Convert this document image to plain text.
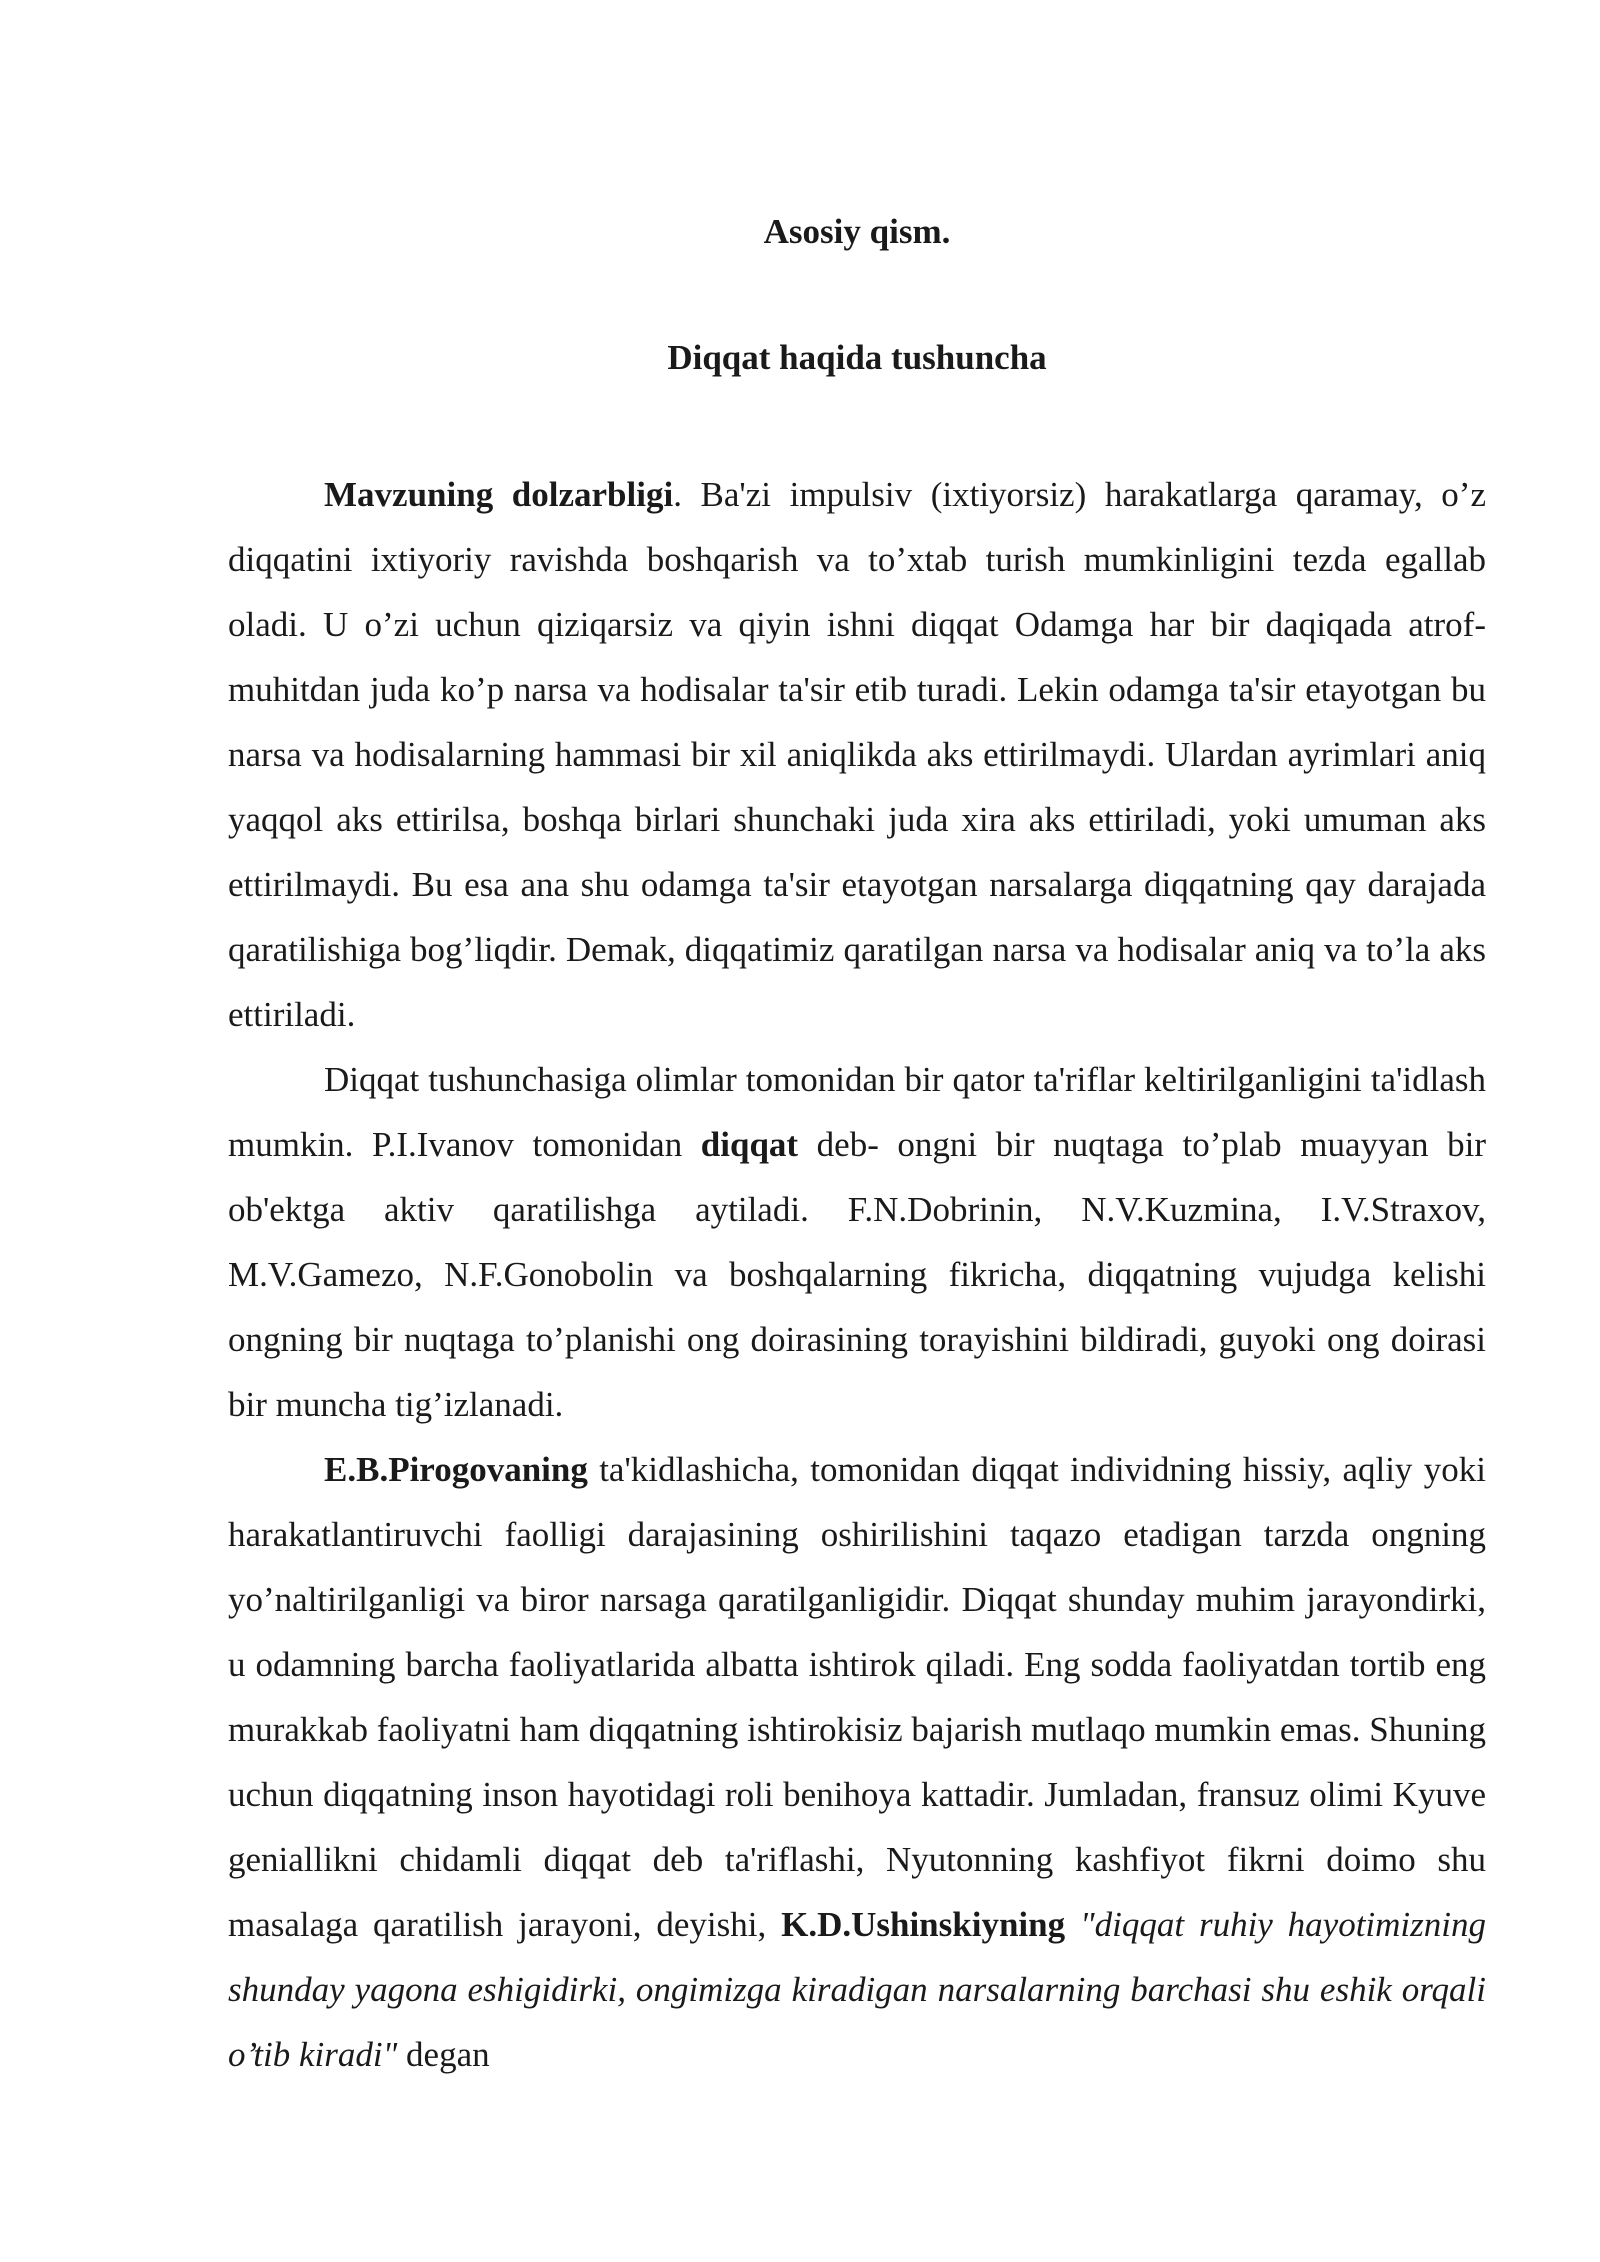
Asosiy qism.
Diqqat haqida tushuncha

Mavzuning dolzarbligi. Ba'zi impulsiv (ixtiyorsiz) harakatlarga qaramay, o’z diqqatini ixtiyoriy ravishda boshqarish va to’xtab turish mumkinligini tezda egallab oladi. U o’zi uchun qiziqarsiz va qiyin ishni diqqat Odamga har bir daqiqada atrof-muhitdan juda ko’p narsa va hodisalar ta'sir etib turadi. Lekin odamga ta'sir etayotgan bu narsa va hodisalarning hammasi bir xil aniqlikda aks ettirilmaydi. Ulardan ayrimlari aniq yaqqol aks ettirilsa, boshqa birlari shunchaki juda xira aks ettiriladi, yoki umuman aks ettirilmaydi. Bu esa ana shu odamga ta'sir etayotgan narsalarga diqqatning qay darajada qaratilishiga bog’liqdir. Demak, diqqatimiz qaratilgan narsa va hodisalar aniq va to’la aks ettiriladi.

Diqqat tushunchasiga olimlar tomonidan bir qator ta'riflar keltirilganligini ta'idlash mumkin. P.I.Ivanov tomonidan diqqat deb- ongni bir nuqtaga to’plab muayyan bir ob'ektga aktiv qaratilishga aytiladi. F.N.Dobrinin, N.V.Kuzmina, I.V.Straxov, M.V.Gamezo, N.F.Gonobolin va boshqalarning fikricha, diqqatning vujudga kelishi ongning bir nuqtaga to’planishi ong doirasining torayishini bildiradi, guyoki ong doirasi bir muncha tig’izlanadi.

E.B.Pirogovaning ta'kidlashicha, tomonidan diqqat individning hissiy, aqliy yoki harakatlantiruvchi faolligi darajasining oshirilishini taqazo etadigan tarzda ongning yo’naltirilganligi va biror narsaga qaratilganligidir. Diqqat shunday muhim jarayondirki, u odamning barcha faoliyatlarida albatta ishtirok qiladi. Eng sodda faoliyatdan tortib eng murakkab faoliyatni ham diqqatning ishtirokisiz bajarish mutlaqo mumkin emas. Shuning uchun diqqatning inson hayotidagi roli benihoya kattadir. Jumladan, fransuz olimi Kyuve geniallikni chidamli diqqat deb ta'riflashi, Nyutonning kashfiyot fikrni doimo shu masalaga qaratilish jarayoni, deyishi, K.D.Ushinskiyning "diqqat ruhiy hayotimizning shunday yagona eshigidirki, ongimizga kiradigan narsalarning barchasi shu eshik orqali o’tib kiradi" degan
